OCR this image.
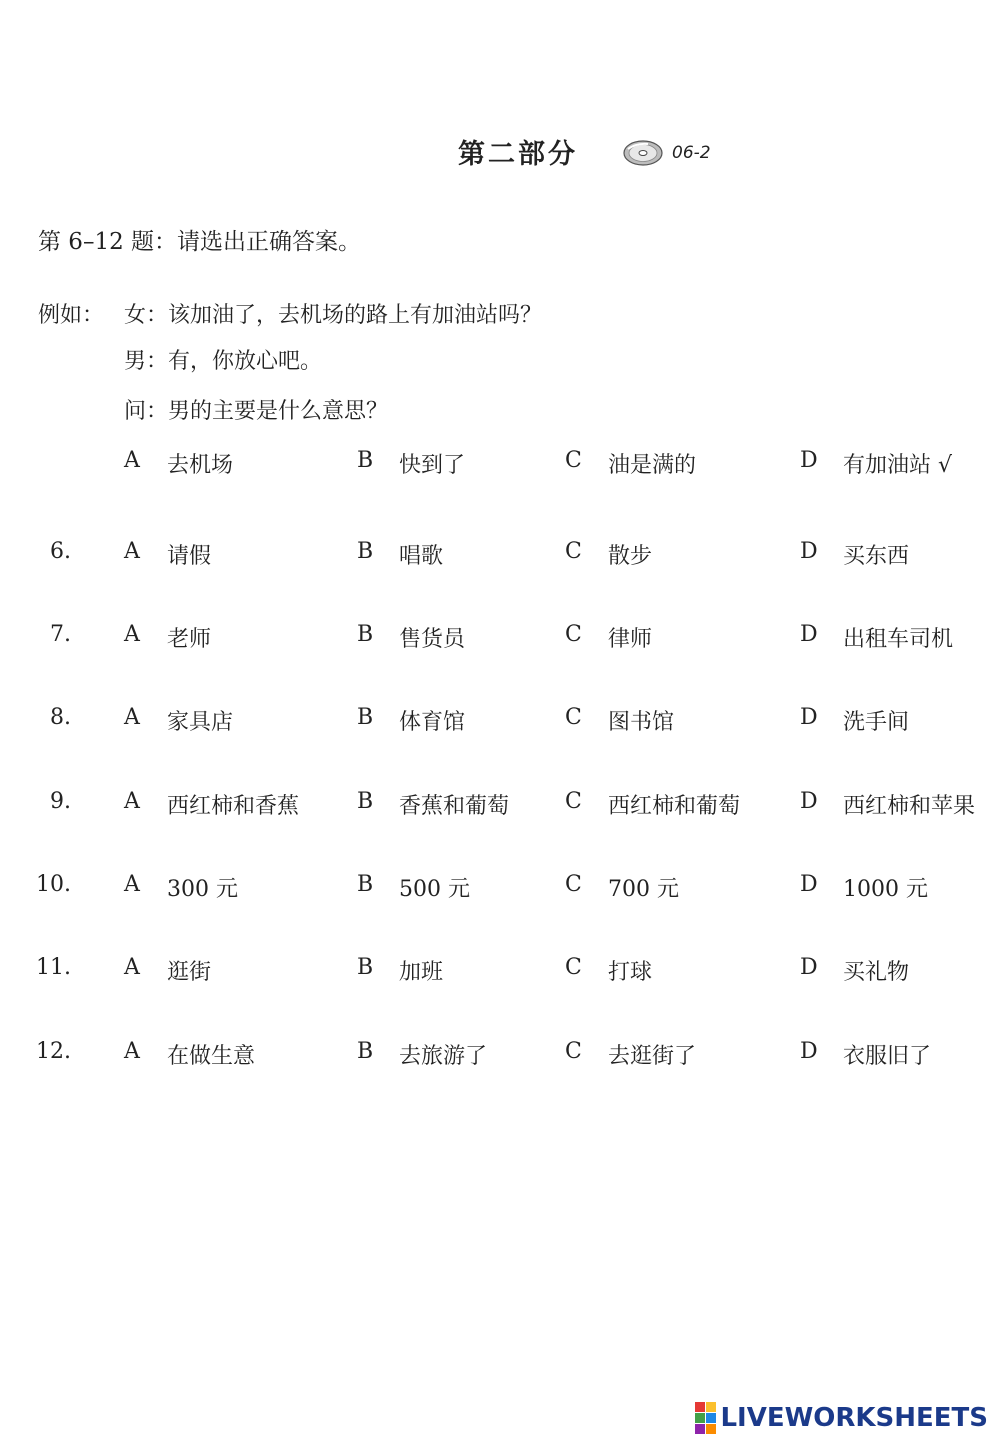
第二部分	06-2
第 6–12 题：请选出正确答案。
例如： 女：该加油了，去机场的路上有加油站吗？
男：有，你放心吧。
问：男的主要是什么意思？
A 去机场	B 快到了	C 油是满的	D 有加油站 √
6. A 请假	B 唱歌	C 散步	D 买东西
7. A 老师	B 售货员	C 律师	D 出租车司机
8. A 家具店	B 体育馆	C 图书馆	D 洗手间
9. A 西红柿和香蕉	B 香蕉和葡萄	C 西红柿和葡萄	D 西红柿和苹果
10. A 300 元	B 500 元	C 700 元	D 1000 元
11. A 逛街	B 加班	C 打球	D 买礼物
12. A 在做生意	B 去旅游了	C 去逛街了	D 衣服旧了
LIVEWORKSHEETS
